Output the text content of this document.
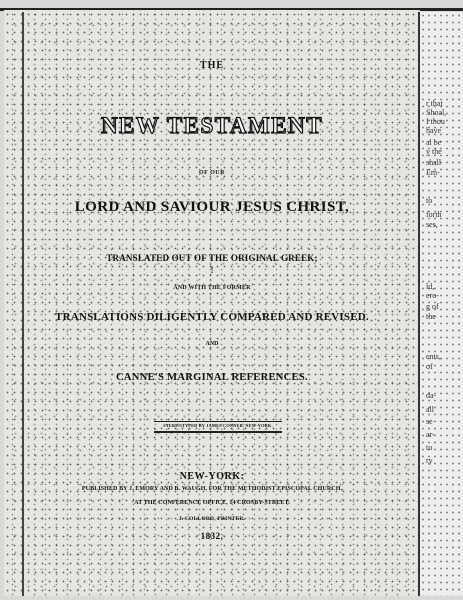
r that
Shoal,
I thou
have
al be
y the
shall
Em-
to
forth
ses,
ld,
ero-
g of
the
ents,
of
da-
all
se
ar-
to
ry
THE
NEW TESTAMENT
OF OUR
LORD AND SAVIOUR JESUS CHRIST,
TRANSLATED OUT OF THE ORIGINAL GREEK;
!
AND WITH THE FORMER
TRANSLATIONS DILIGENTLY COMPARED AND REVISED.
AND
CANNE'S MARGINAL REFERENCES.
STEREOTYPED BY JAMES CONNER, NEW-YORK.
NEW-YORK:
PUBLISHED BY J. EMORY AND B. WAUGH, FOR THE METHODIST EPISCOPAL CHURCH,
AT THE CONFERENCE OFFICE, 14 CROSBY-STREET.
J. COLLORD, PRINTER.
1832.
